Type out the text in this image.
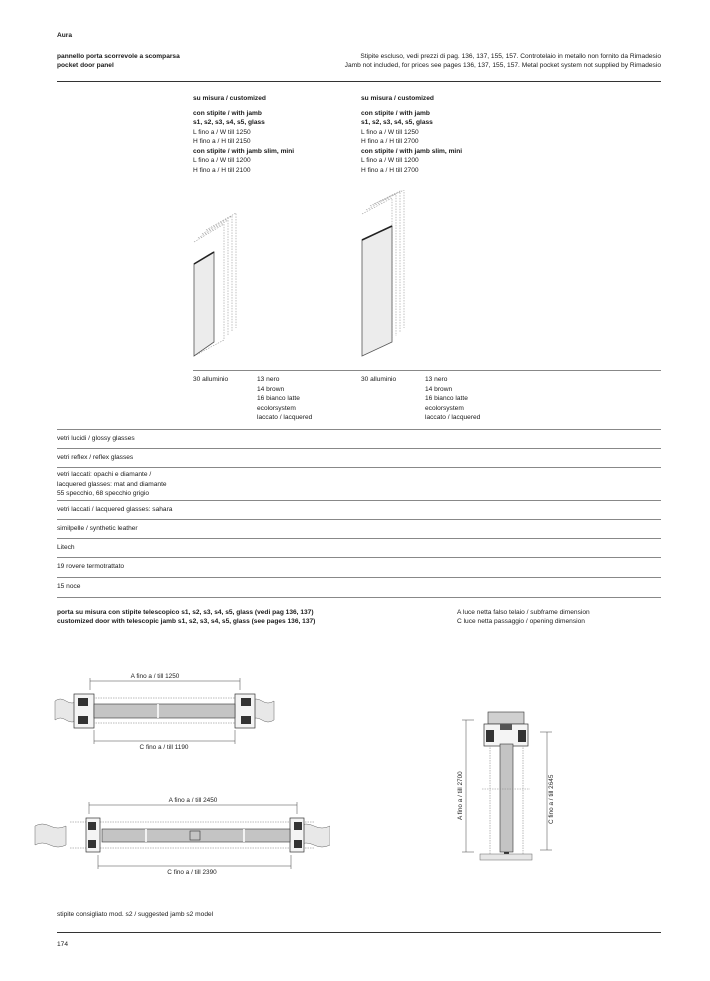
Aura
pannello porta scorrevole a scomparsa
pocket door panel
Stipite escluso, vedi prezzi di pag. 136, 137, 155, 157. Controtelaio in metallo non fornito da Rimadesio
Jamb not included, for prices see pages 136, 137, 155, 157. Metal pocket system not supplied by Rimadesio
su misura / customized
con stipite / with jamb
s1, s2, s3, s4, s5, glass
L fino a / W till 1250
H fino a / H till 2150
con stipite / with jamb slim, mini
L fino a / W till 1200
H fino a / H till 2100
su misura / customized
con stipite / with jamb
s1, s2, s3, s4, s5, glass
L fino a / W till 1250
H fino a / H till 2700
con stipite / with jamb slim, mini
L fino a / W till 1200
H fino a / H till 2700
30 alluminio	13 nero
14 brown
16 bianco latte
ecolorsystem
laccato / lacquered
30 alluminio	13 nero
14 brown
16 bianco latte
ecolorsystem
laccato / lacquered
vetri lucidi / glossy glasses
vetri reflex / reflex glasses
vetri laccati: opachi e diamante /
lacquered glasses: mat and diamante
55 specchio, 68 specchio grigio
vetri laccati / lacquered glasses: sahara
similpelle / synthetic leather
Litech
19 rovere termotrattato
15 noce
porta su misura con stipite telescopico s1, s2, s3, s4, s5, glass (vedi pag 136, 137)
customized door with telescopic jamb s1, s2, s3, s4, s5, glass (see pages 136, 137)
A luce netta falso telaio / subframe dimension
C luce netta passaggio / opening dimension
A fino a / till 1250
C fino a / till 1190
A fino a / till 2450
C fino a / till 2390
A fino a / till 2700	C fino a / till 2645
stipite consigliato mod. s2 / suggested jamb s2 model
174
